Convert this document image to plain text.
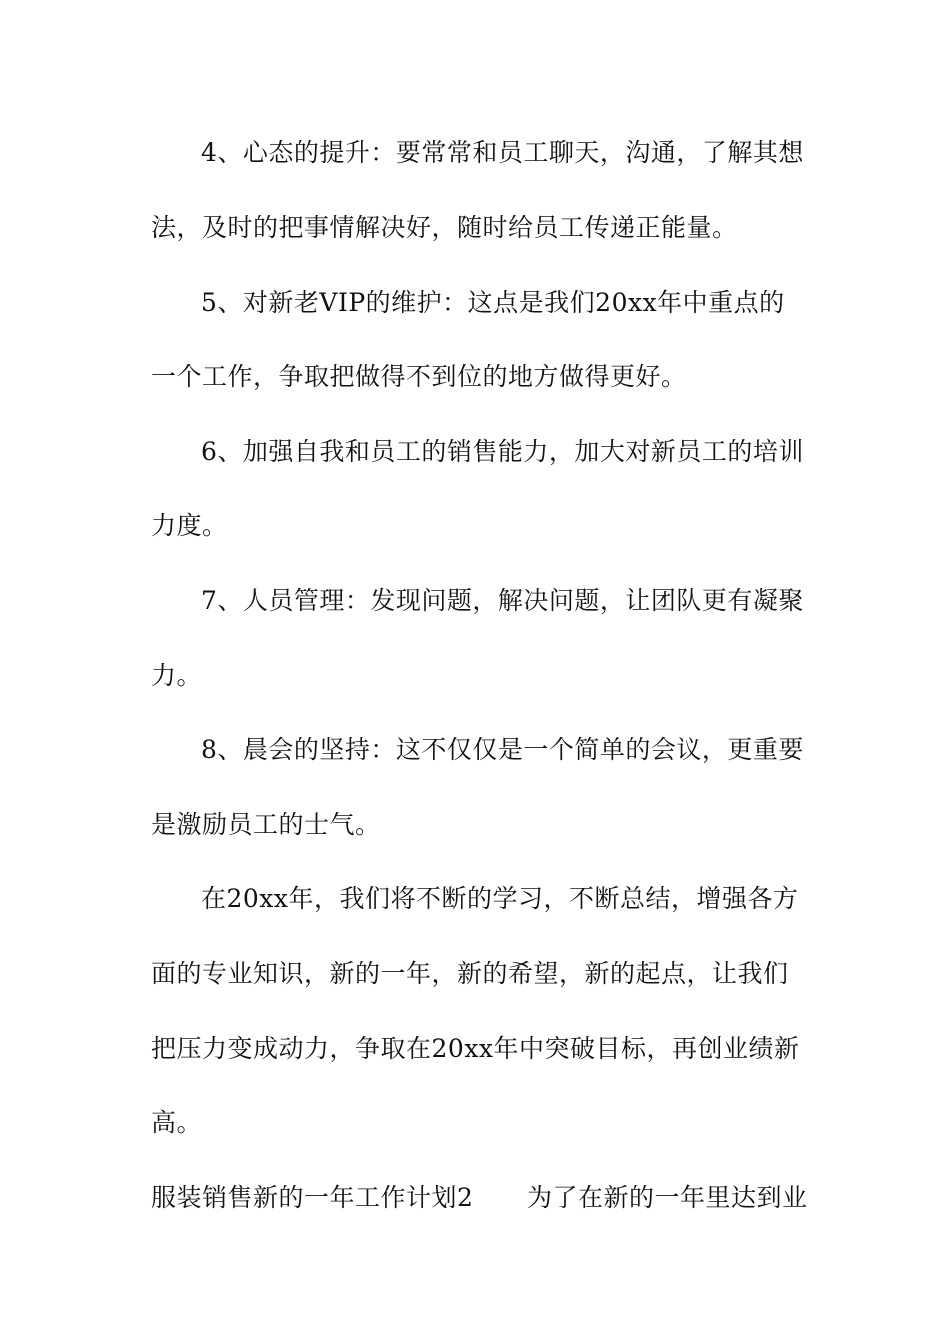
4、心态的提升：要常常和员工聊天，沟通，了解其想
法，及时的把事情解决好，随时给员工传递正能量。
5、对新老VIP的维护：这点是我们20xx年中重点的
一个工作，争取把做得不到位的地方做得更好。
6、加强自我和员工的销售能力，加大对新员工的培训
力度。
7、人员管理：发现问题，解决问题，让团队更有凝聚
力。
8、晨会的坚持：这不仅仅是一个简单的会议，更重要
是激励员工的士气。
在20xx年，我们将不断的学习，不断总结，增强各方
面的专业知识，新的一年，新的希望，新的起点，让我们
把压力变成动力，争取在20xx年中突破目标，再创业绩新
高。
服装销售新的一年工作计划2	为了在新的一年里达到业
